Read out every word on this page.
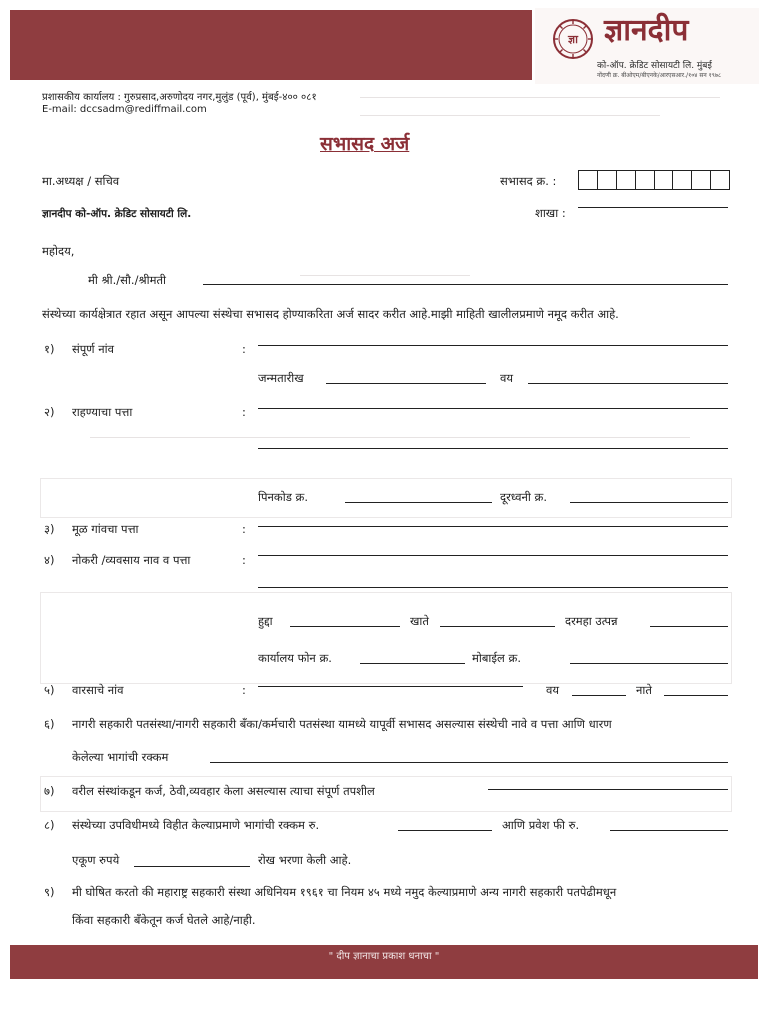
ज्ञा ज्ञानदीप
को-ऑप. क्रेडिट सोसायटी लि. मुंबई
नोंदणी क्र. बीओएम/बीएनके/आरएसआर./१०४ सन १९७८
प्रशासकीय कार्यालय : गुरुप्रसाद,अरुणोदय नगर,मुलुंड (पूर्व), मुंबई-४०० ०८१
E-mail: dccsadm@rediffmail.com
सभासद अर्ज
मा.अध्यक्ष / सचिव	सभासद क्र. :
ज्ञानदीप को-ऑप. क्रेडिट सोसायटी लि.	शाखा :
महोदय,
मी श्री./सौ./श्रीमती
संस्थेच्या कार्यक्षेत्रात रहात असून आपल्या संस्थेचा सभासद होण्याकरिता अर्ज सादर करीत आहे.माझी माहिती खालीलप्रमाणे नमूद करीत आहे.
१) संपूर्ण नांव	:
जन्मतारीख	वय
२) राहण्याचा पत्ता	:
पिनकोड क्र.	दूरध्वनी क्र.
३) मूळ गांवचा पत्ता	:
४) नोकरी /व्यवसाय नाव व पत्ता	:
हुद्दा	खाते	दरमहा उत्पन्न
कार्यालय फोन क्र.	मोबाईल क्र.
५) वारसाचे नांव	:	वय	नाते
६) नागरी सहकारी पतसंस्था/नागरी सहकारी बँका/कर्मचारी पतसंस्था यामध्ये यापूर्वी सभासद असल्यास संस्थेची नावे व पत्ता आणि धारण
केलेल्या भागांची रक्कम
७) वरील संस्थांकडून कर्ज, ठेवी,व्यवहार केला असल्यास त्याचा संपूर्ण तपशील
८) संस्थेच्या उपविधीमध्ये विहीत केल्याप्रमाणे भागांची रक्कम रु.	आणि प्रवेश फी रु.
एकूण रुपये	रोख भरणा केली आहे.
९) मी घोषित करतो की महाराष्ट्र सहकारी संस्था अधिनियम १९६१ चा नियम ४५ मध्ये नमुद केल्याप्रमाणे अन्य नागरी सहकारी पतपेढीमधून
किंवा सहकारी बँकेतून कर्ज घेतले आहे/नाही.
" दीप ज्ञानाचा प्रकाश धनाचा "
